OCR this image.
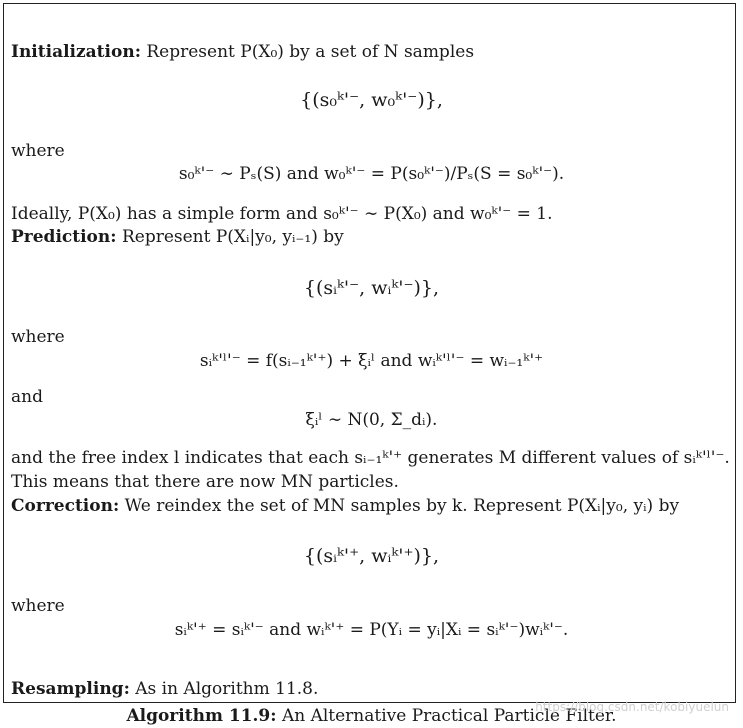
Initialization: Represent P(X₀) by a set of N samples
{(s₀ᵏ'⁻, w₀ᵏ'⁻)},
where
s₀ᵏ'⁻ ∼ Pₛ(S) and w₀ᵏ'⁻ = P(s₀ᵏ'⁻)/Pₛ(S = s₀ᵏ'⁻).
Ideally, P(X₀) has a simple form and s₀ᵏ'⁻ ∼ P(X₀) and w₀ᵏ'⁻ = 1.
Prediction: Represent P(Xᵢ|y₀, yᵢ₋₁) by
{(sᵢᵏ'⁻, wᵢᵏ'⁻)},
where
sᵢᵏ'ˡ'⁻ = f(sᵢ₋₁ᵏ'⁺) + ξᵢˡ and wᵢᵏ'ˡ'⁻ = wᵢ₋₁ᵏ'⁺
and
ξᵢˡ ∼ N(0, Σ_dᵢ).
and the free index l indicates that each sᵢ₋₁ᵏ'⁺ generates M different values of sᵢᵏ'ˡ'⁻.
This means that there are now MN particles.
Correction: We reindex the set of MN samples by k. Represent P(Xᵢ|y₀, yᵢ) by
{(sᵢᵏ'⁺, wᵢᵏ'⁺)},
where
sᵢᵏ'⁺ = sᵢᵏ'⁻ and wᵢᵏ'⁺ = P(Yᵢ = yᵢ|Xᵢ = sᵢᵏ'⁻)wᵢᵏ'⁻.
Resampling: As in Algorithm 11.8.
Algorithm 11.9: An Alternative Practical Particle Filter.
https://blog.csdn.net/kobiyuelun
